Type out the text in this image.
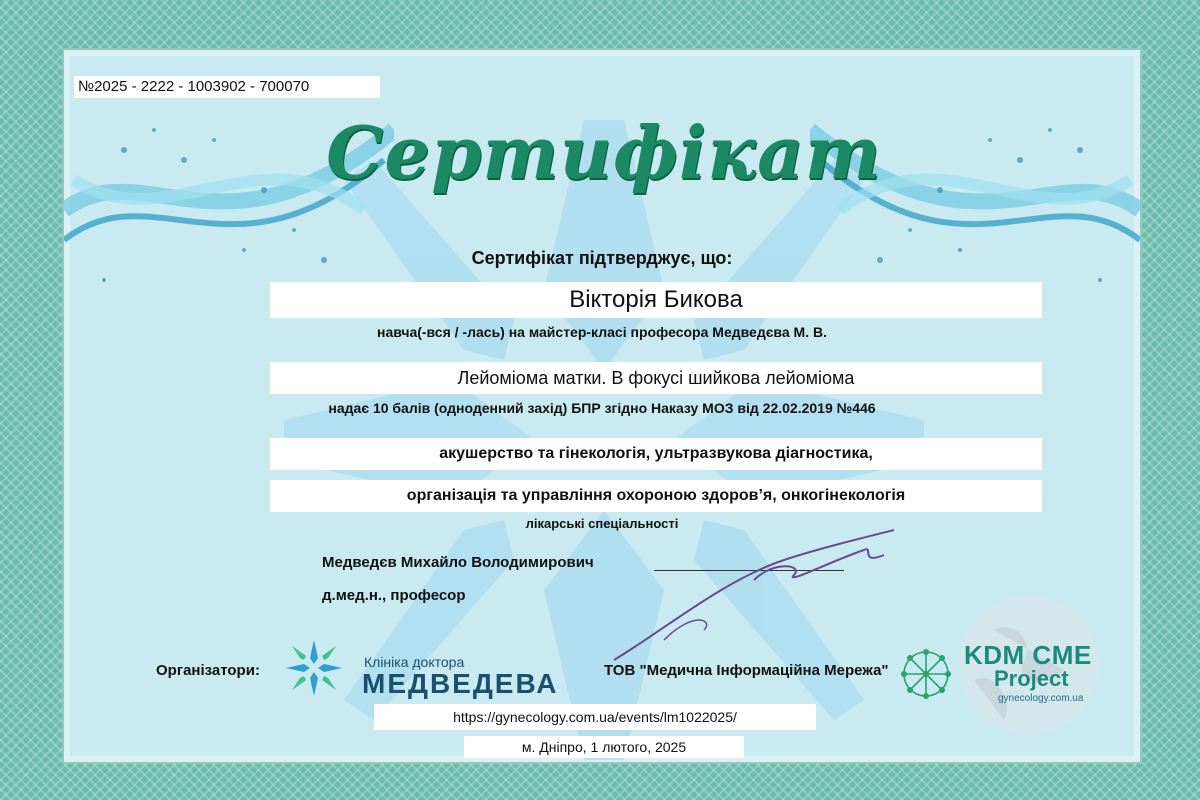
№2025 - 2222 - 1003902 - 700070
Сертифікат
Сертифікат підтверджує, що:
Вікторія Бикова
навча(-вся / -лась) на майстер-класі професора Медведєва М. В.
Лейоміома матки. В фокусі шийкова лейоміома
надає 10 балів (одноденний захід) БПР згідно Наказу МОЗ від 22.02.2019 №446
акушерство та гінекологія, ультразвукова діагностика,
організація та управління охороною здоров’я, онкогінекологія
лікарські спеціальності
Медведєв Михайло Володимирович
д.мед.н., професор
Організатори:	Клініка доктора
МЕДВЕДЕВА	ТОВ "Медична Інформаційна Мережа"
KDM CME
Project
gynecology.com.ua
https://gynecology.com.ua/events/lm1022025/
м. Дніпро, 1 лютого, 2025
